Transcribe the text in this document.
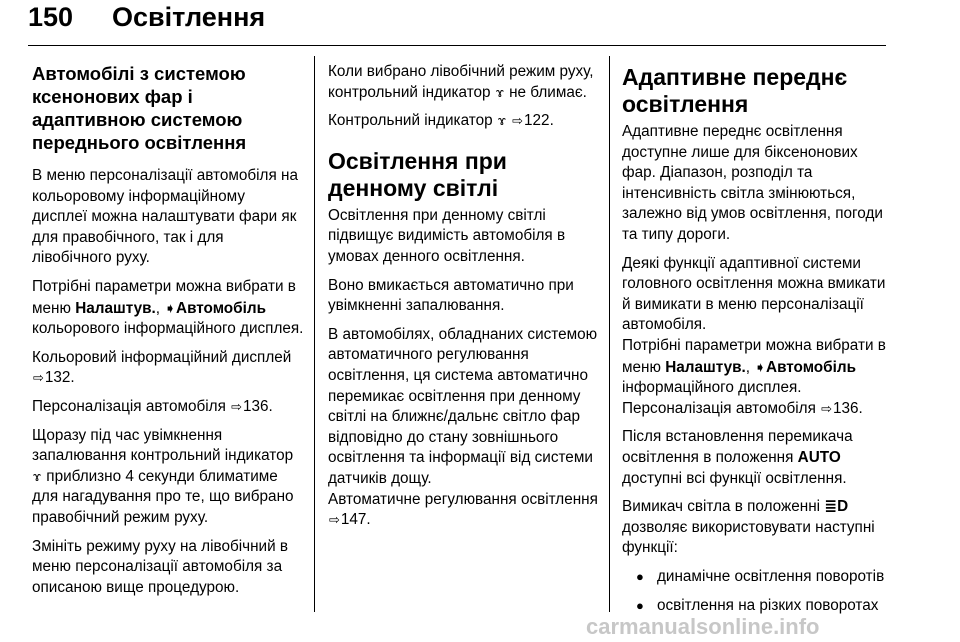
150 Освітлення
Автомобілі з системою ксенонових фар і адаптивною системою переднього освітлення

В меню персоналізації автомобіля на кольоровому інформаційному дисплеї можна налаштувати фари як для правобічного, так і для лівобічного руху.

Потрібні параметри можна вибрати в меню Налаштув., ➧Автомобіль кольорового інформаційного дисплея.

Кольоровий інформаційний дисплей ⇨132.

Персоналізація автомобіля ⇨136.

Щоразу під час увімкнення запалювання контрольний індикатор ɤ приблизно 4 секунди блиматиме для нагадування про те, що вибрано правобічний режим руху.

Змініть режиму руху на лівобічний в меню персоналізації автомобіля за описаною вище процедурою.

Коли вибрано лівобічний режим руху, контрольний індикатор ɤ не блимає.

Контрольний індикатор ɤ ⇨122.

Освітлення при денному світлі

Освітлення при денному світлі підвищує видимість автомобіля в умовах денного освітлення.

Воно вмикається автоматично при увімкненні запалювання.

В автомобілях, обладнаних системою автоматичного регулювання освітлення, ця система автоматично перемикає освітлення при денному світлі на ближнє/дальнє світло фар відповідно до стану зовнішнього освітлення та інформації від системи датчиків дощу.
Автоматичне регулювання освітлення ⇨147.

Адаптивне переднє освітлення

Адаптивне переднє освітлення доступне лише для біксенонових фар. Діапазон, розподіл та інтенсивність світла змінюються, залежно від умов освітлення, погоди та типу дороги.

Деякі функції адаптивної системи головного освітлення можна вмикати й вимикати в меню персоналізації автомобіля.
Потрібні параметри можна вибрати в меню Налаштув., ➧Автомобіль інформаційного дисплея.
Персоналізація автомобіля ⇨136.

Після встановлення перемикача освітлення в положення AUTO доступні всі функції освітлення.

Вимикач світла в положенні ≣D дозволяє використовувати наступні функції:

● динамічне освітлення поворотів
● освітлення на різких поворотах
carmanualsonline.info
